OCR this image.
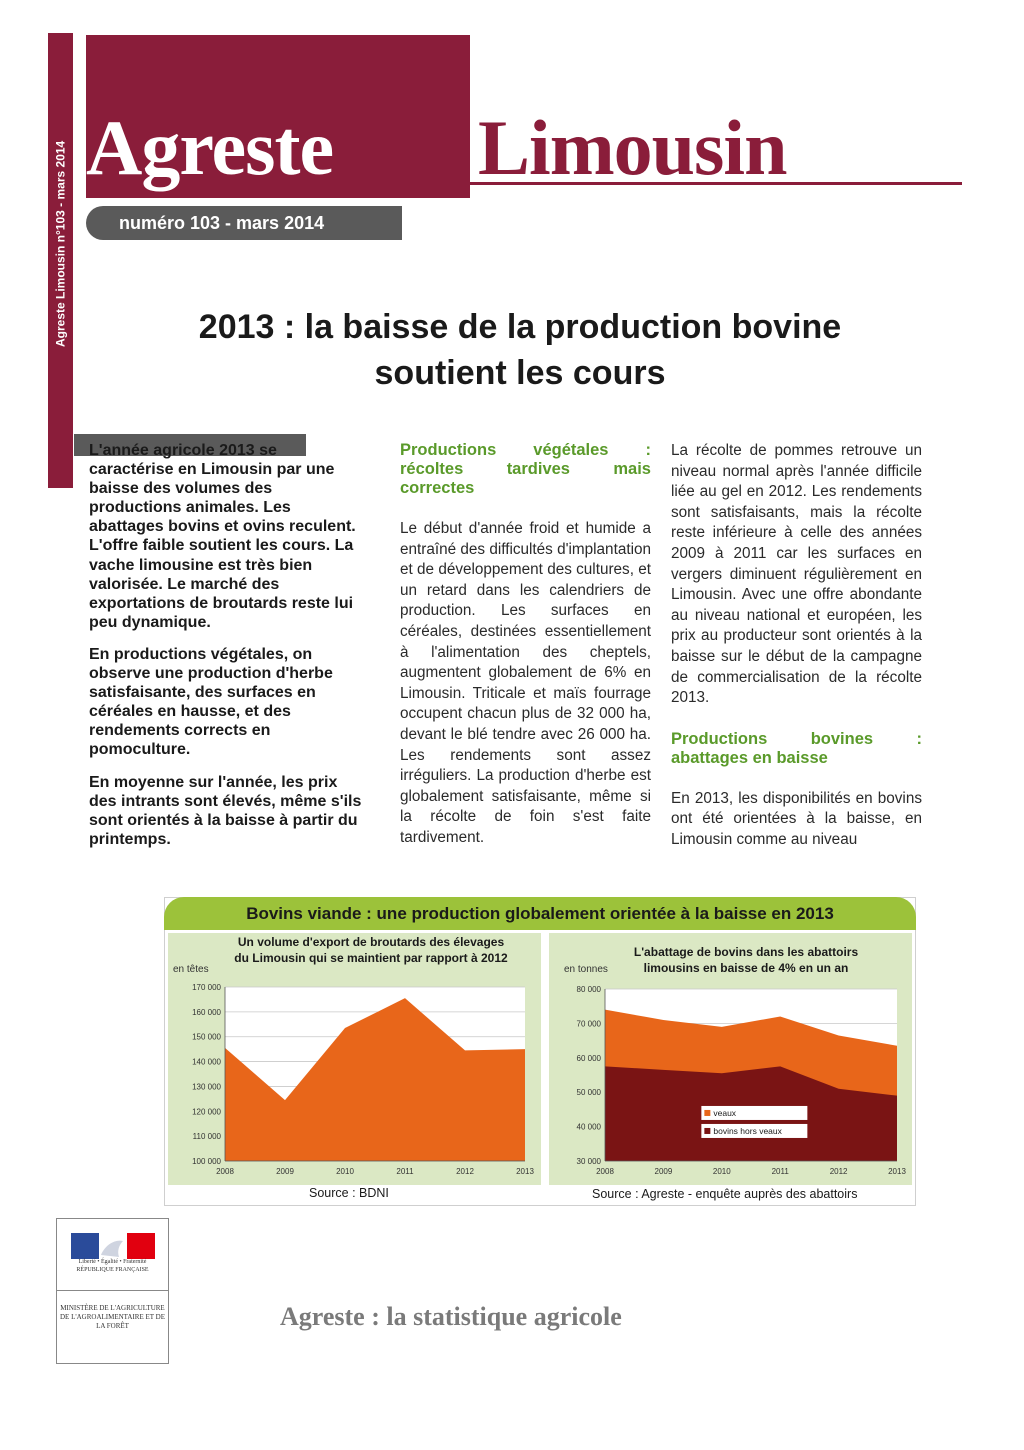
Agreste Limousin n°103 - mars 2014 Agreste	Limousin
numéro 103 - mars 2014
2013 : la baisse de la production bovine
soutient les cours

L'année agricole 2013 se caractérise en Limousin par une baisse des volumes des productions animales. Les abattages bovins et ovins reculent. L'offre faible soutient les cours. La vache limousine est très bien valorisée. Le marché des exportations de broutards reste lui peu dynamique.

En productions végétales, on observe une production d'herbe satisfaisante, des surfaces en céréales en hausse, et des rendements corrects en pomoculture.

En moyenne sur l'année, les prix des intrants sont élevés, même s'ils sont orientés à la baisse à partir du printemps.

Productions végétales : récoltes tardives mais correctes

Le début d'année froid et humide a entraîné des difficultés d'implantation et de développement des cultures, et un retard dans les calendriers de production. Les surfaces en céréales, destinées essentiellement à l'alimentation des cheptels, augmentent globalement de 6% en Limousin. Triticale et maïs fourrage occupent chacun plus de 32 000 ha, devant le blé tendre avec 26 000 ha. Les rendements sont assez irréguliers. La production d'herbe est globalement satisfaisante, même si la récolte de foin s'est faite tardivement.

La récolte de pommes retrouve un niveau normal après l'année difficile liée au gel en 2012. Les rendements sont satisfaisants, mais la récolte reste inférieure à celle des années 2009 à 2011 car les surfaces en vergers diminuent régulièrement en Limousin. Avec une offre abondante au niveau national et européen, les prix au producteur sont orientés à la baisse sur le début de la campagne de commercialisation de la récolte 2013.

Productions bovines : abattages en baisse

En 2013, les disponibilités en bovins ont été orientées à la baisse, en Limousin comme au niveau

Bovins viande : une production globalement orientée à la baisse en 2013
Un volume d'export de broutards des élevages du Limousin qui se maintient par rapport à 2012
en têtes
100 000
110 000
120 000
130 000
140 000
150 000
160 000
170 000
2008	2009	2010	2011	2012	2013
Source : BDNI
L'abattage de bovins dans les abattoirs limousins en baisse de 4% en un an
en tonnes
30 000
40 000
50 000
60 000
70 000
80 000
2008	2009	2010	2011	2012	2013
veaux
bovins hors veaux
Source : Agreste - enquête auprès des abattoirs
Liberté • Égalité • Fraternité
RÉPUBLIQUE FRANÇAISE
MINISTÈRE DE L'AGRICULTURE DE L'AGROALIMENTAIRE ET DE LA FORÊT	Agreste : la statistique agricole
